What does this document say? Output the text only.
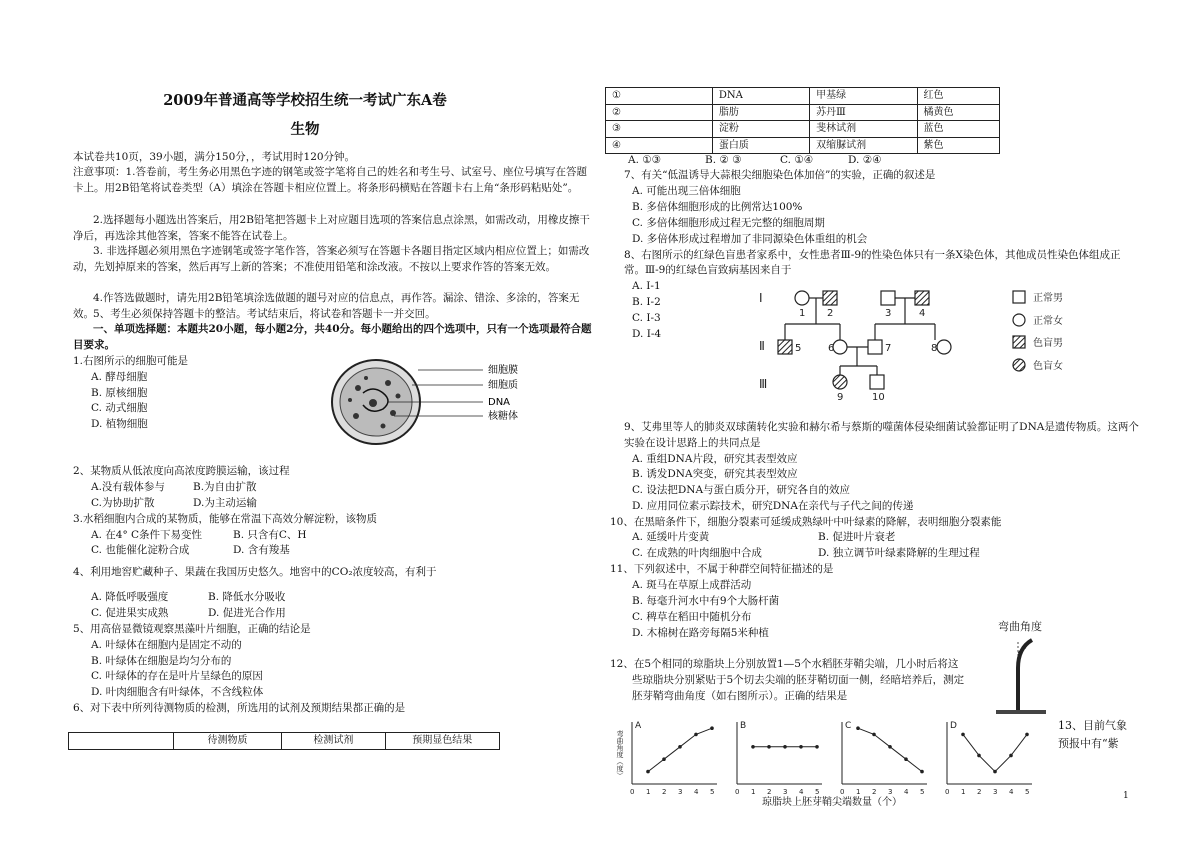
2009年普通高等学校招生统一考试广东A卷
生物
本试卷共10页，39小题，满分150分，，考试用时120分钟。
注意事项：1.答卷前，考生务必用黑色字迹的钢笔或签字笔将自己的姓名和考生号、试室号、座位号填写在答题卡上。用2B铅笔将试卷类型（A）填涂在答题卡相应位置上。将条形码横贴在答题卡右上角“条形码粘贴处”。
2.选择题每小题选出答案后，用2B铅笔把答题卡上对应题目选项的答案信息点涂黑，如需改动，用橡皮擦干净后，再选涂其他答案，答案不能答在试卷上。
3. 非选择题必须用黑色字迹钢笔或签字笔作答，答案必须写在答题卡各题目指定区域内相应位置上；如需改动，先划掉原来的答案，然后再写上新的答案；不准使用铅笔和涂改液。不按以上要求作答的答案无效。
4.作答选做题时，请先用2B铅笔填涂选做题的题号对应的信息点，再作答。漏涂、错涂、多涂的，答案无效。 5、考生必须保持答题卡的整洁。考试结束后，将试卷和答题卡一并交回。
一、单项选择题：本题共20小题，每小题2分，共40分。每小题给出的四个选项中，只有一个选项最符合题目要求。
1.右图所示的细胞可能是
A. 酵母细胞
B. 原核细胞
C. 动式细胞
D. 植物细胞
细胞膜
细胞质
DNA
核糖体
2、某物质从低浓度向高浓度跨膜运输，该过程
A.没有载体参与	B.为自由扩散
C.为协助扩散	D.为主动运输
3.水稻细胞内合成的某物质，能够在常温下高效分解淀粉，该物质
A. 在4° C条件下易变性	B. 只含有C、H
C. 也能催化淀粉合成	D. 含有羧基
4、利用地窖贮藏种子、果蔬在我国历史悠久。地窖中的CO₂浓度较高，有利于
A. 降低呼吸强度	B. 降低水分吸收
C. 促进果实成熟	D. 促进光合作用
5、用高倍显微镜观察黑藻叶片细胞，正确的结论是
A. 叶绿体在细胞内是固定不动的
B. 叶绿体在细胞是均匀分布的
C. 叶绿体的存在是叶片呈绿色的原因
D. 叶肉细胞含有叶绿体，不含线粒体
6、对下表中所列待测物质的检测，所选用的试剂及预期结果都正确的是
	待测物质	检测试剂	预期显色结果
①	DNA	甲基绿	红色
②	脂肪	苏丹Ⅲ	橘黄色
③	淀粉	斐林试剂	蓝色
④	蛋白质	双缩脲试剂	紫色
A. ①③	B. ② ③	C. ①④	D. ②④
7、有关“低温诱导大蒜根尖细胞染色体加倍”的实验，正确的叙述是
A. 可能出现三倍体细胞
B. 多倍体细胞形成的比例常达100%
C. 多倍体细胞形成过程无完整的细胞周期
D. 多倍体形成过程增加了非同源染色体重组的机会
8、右图所示的红绿色盲患者家系中，女性患者Ⅲ-9的性染色体只有一条X染色体，其他成员性染色体组成正
常。Ⅲ-9的红绿色盲致病基因来自于
A. Ⅰ-1
B. Ⅰ-2
C. Ⅰ-3
D. Ⅰ-4
Ⅰ
Ⅱ
Ⅲ
1 2	3	4
5	6	7	8
9	10
正常男
正常女
色盲男
色盲女
9、艾弗里等人的肺炎双球菌转化实验和赫尔希与蔡斯的噬菌体侵染细菌试验都证明了DNA是遗传物质。这两个
实验在设计思路上的共同点是
A. 重组DNA片段，研究其表型效应
B. 诱发DNA突变，研究其表型效应
C. 设法把DNA与蛋白质分开，研究各自的效应
D. 应用同位素示踪技术，研究DNA在亲代与子代之间的传递
10、在黑暗条件下，细胞分裂素可延缓成熟绿叶中叶绿素的降解，表明细胞分裂素能
A. 延缓叶片变黄	B. 促进叶片衰老
C. 在成熟的叶肉细胞中合成	D. 独立调节叶绿素降解的生理过程
11、下列叙述中，不属于种群空间特征描述的是
A. 斑马在草原上成群活动
B. 每毫升河水中有9个大肠杆菌
C. 稗草在稻田中随机分布
D. 木棉树在路旁每隔5米种植
12、在5个相同的琼脂块上分别放置1—5个水稻胚芽鞘尖端，几小时后将这
些琼脂块分别紧贴于5个切去尖端的胚芽鞘切面一侧，经暗培养后，测定
胚芽鞘弯曲角度（如右图所示）。正确的结果是
弯曲角度
弯曲角度（度）
A
0 1 2 3 4 5
B
0 1 2 3 4 5
C
0 1 2 3 4 5
D
0 1 2 3 4 5
琼脂块上胚芽鞘尖端数量（个）
13、目前气象预报中有“紫
1
